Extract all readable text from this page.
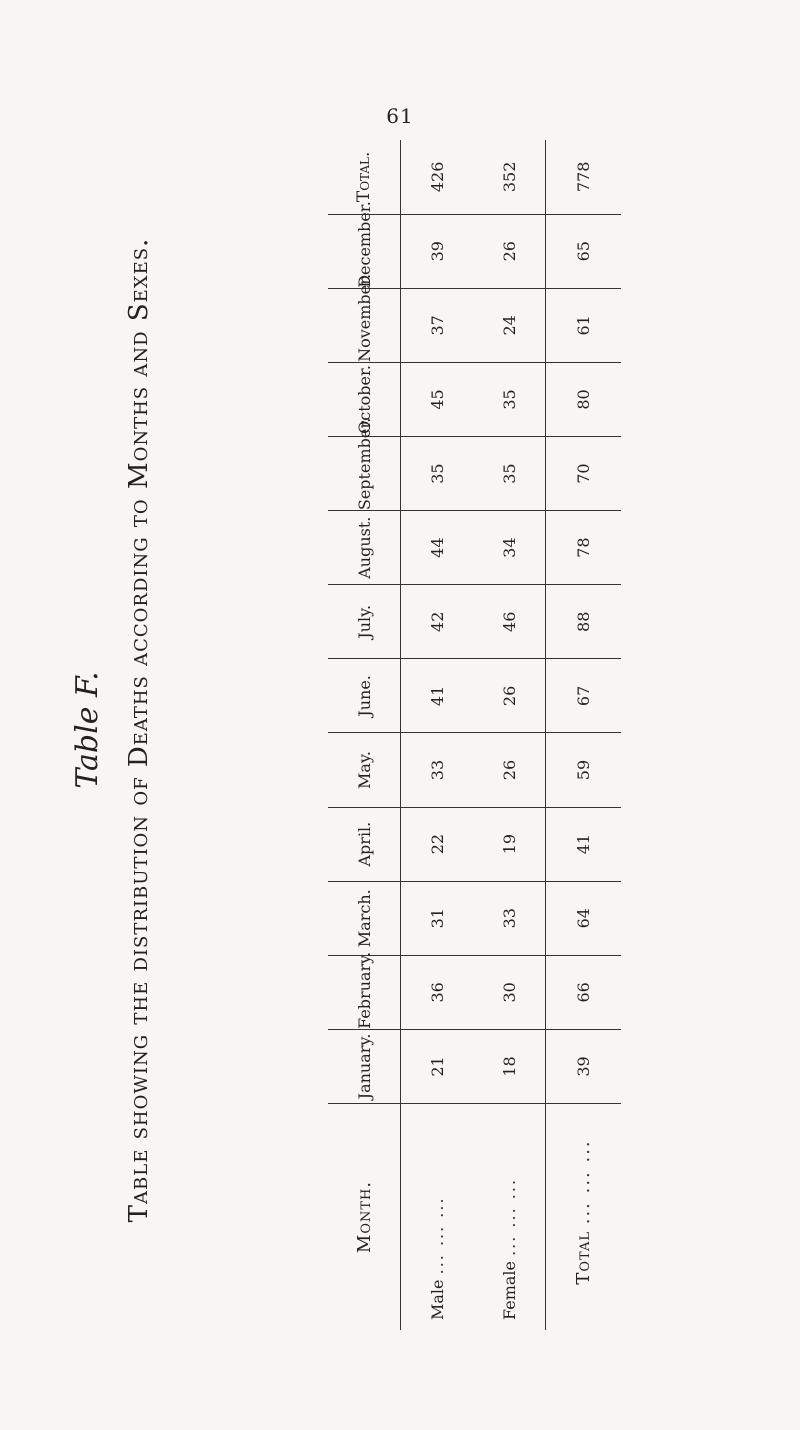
61
Table F. Table showing the distribution of Deaths according to Months and Sexes.	Month.	January.	February.	March.	April.	May.	June.	July.	August.	September.	October.	November.	December.	Total.
Male ... ... ...	21	36	31	22	33	41	42	44	35	45	37	39	426
Female ... ... ...	18	30	33	19	26	26	46	34	35	35	24	26	352
Total ... ... ...	39	66	64	41	59	67	88	78	70	80	61	65	778
